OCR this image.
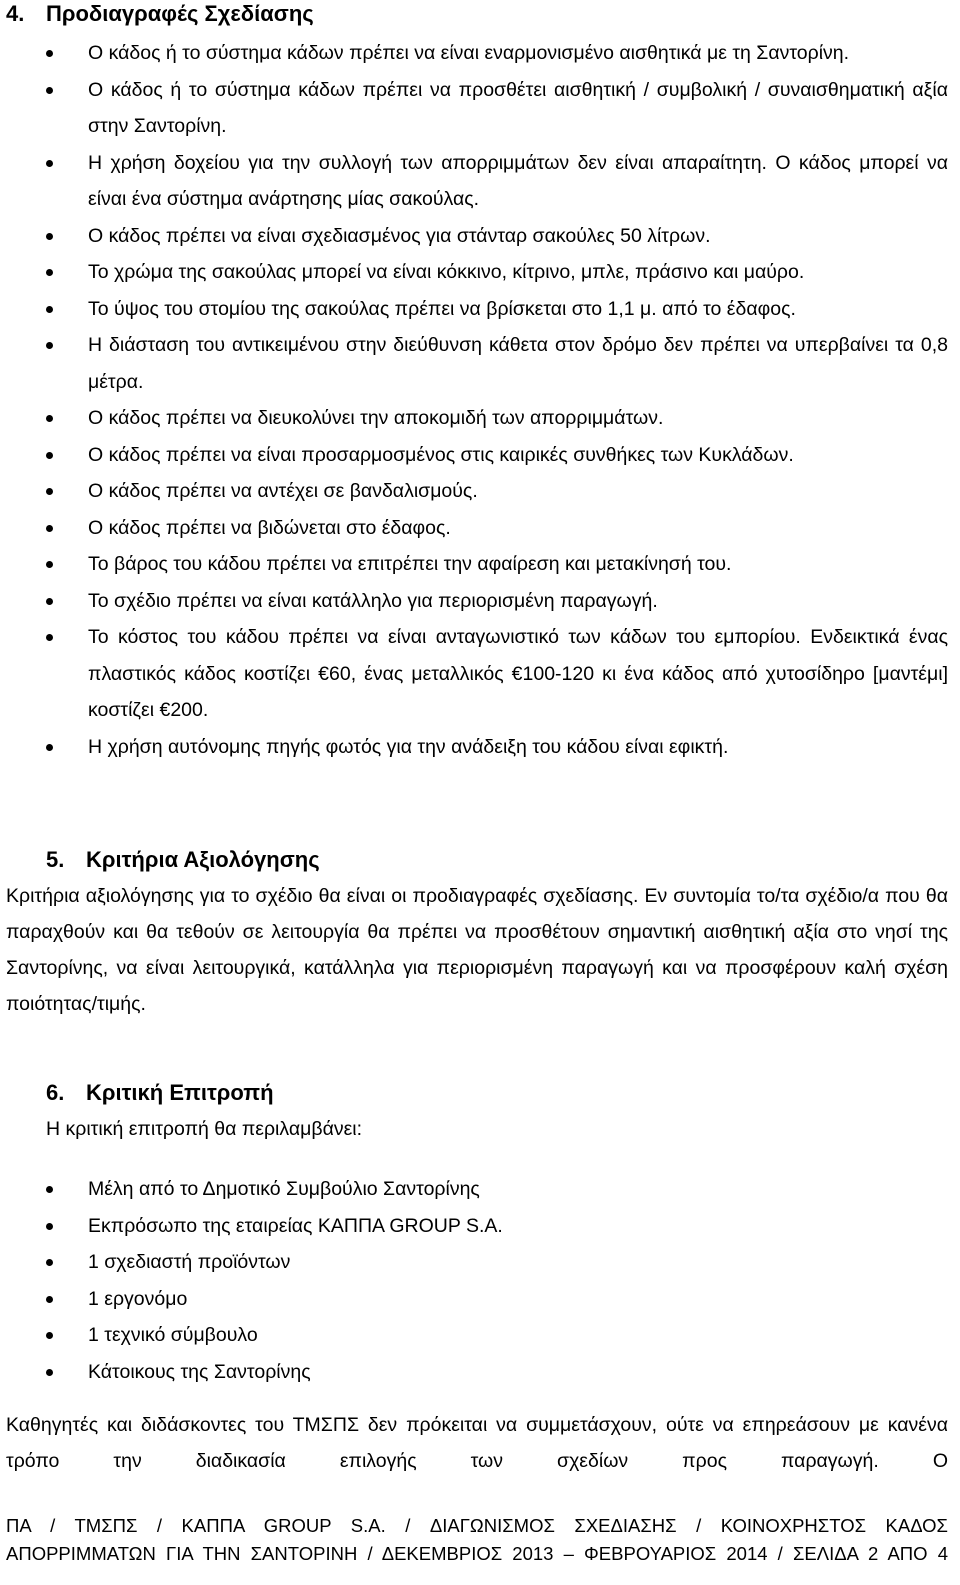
4. Προδιαγραφές Σχεδίασης
Ο κάδος ή το σύστημα κάδων πρέπει να είναι εναρμονισμένο αισθητικά με τη Σαντορίνη.
Ο κάδος ή το σύστημα κάδων πρέπει να προσθέτει αισθητική / συμβολική / συναισθηματική αξία στην Σαντορίνη.
Η χρήση δοχείου για την συλλογή των απορριμμάτων δεν είναι απαραίτητη. Ο κάδος μπορεί να είναι ένα σύστημα ανάρτησης μίας σακούλας.
Ο κάδος πρέπει να είναι σχεδιασμένος για στάνταρ σακούλες 50 λίτρων.
Το χρώμα της σακούλας μπορεί να είναι κόκκινο, κίτρινο, μπλε, πράσινο και μαύρο.
Το ύψος του στομίου της σακούλας πρέπει να βρίσκεται στο 1,1 μ. από το έδαφος.
Η διάσταση του αντικειμένου στην διεύθυνση κάθετα στον δρόμο δεν πρέπει να υπερβαίνει τα 0,8 μέτρα.
Ο κάδος πρέπει να διευκολύνει την αποκομιδή των απορριμμάτων.
Ο κάδος πρέπει να είναι προσαρμοσμένος στις καιρικές συνθήκες των Κυκλάδων.
Ο κάδος πρέπει να αντέχει σε βανδαλισμούς.
Ο κάδος πρέπει να βιδώνεται στο έδαφος.
Το βάρος του κάδου πρέπει να επιτρέπει την αφαίρεση και μετακίνησή του.
Το σχέδιο πρέπει να είναι κατάλληλο για περιορισμένη παραγωγή.
Το κόστος του κάδου πρέπει να είναι ανταγωνιστικό των κάδων του εμπορίου. Ενδεικτικά ένας πλαστικός κάδος κοστίζει €60, ένας μεταλλικός €100-120 κι ένα κάδος από χυτοσίδηρο [μαντέμι] κοστίζει €200.
Η χρήση αυτόνομης πηγής φωτός για την ανάδειξη του κάδου είναι εφικτή.
5. Κριτήρια Αξιολόγησης
Κριτήρια αξιολόγησης για το σχέδιο θα είναι οι προδιαγραφές σχεδίασης. Εν συντομία το/τα σχέδιο/α που θα παραχθούν και θα τεθούν σε λειτουργία θα πρέπει να προσθέτουν σημαντική αισθητική αξία στο νησί της Σαντορίνης, να είναι λειτουργικά, κατάλληλα για περιορισμένη παραγωγή και να προσφέρουν καλή σχέση ποιότητας/τιμής.
6. Κριτική Επιτροπή
Η κριτική επιτροπή θα περιλαμβάνει:
Μέλη από το Δημοτικό Συμβούλιο Σαντορίνης
Εκπρόσωπο της εταιρείας ΚΑΠΠΑ GROUP S.A.
1 σχεδιαστή προϊόντων
1 εργονόμο
1 τεχνικό σύμβουλο
Κάτοικους της Σαντορίνης
Καθηγητές και διδάσκοντες του ΤΜΣΠΣ δεν πρόκειται να συμμετάσχουν, ούτε να επηρεάσουν με κανένα τρόπο την διαδικασία επιλογής των σχεδίων προς παραγωγή. Ο
ΠΑ / ΤΜΣΠΣ / ΚΑΠΠΑ GROUP S.A. / ΔΙΑΓΩΝΙΣΜΟΣ ΣΧΕΔΙΑΣΗΣ / ΚΟΙΝΟΧΡΗΣΤΟΣ ΚΑΔΟΣ
ΑΠΟΡΡΙΜΜΑΤΩΝ ΓΙΑ ΤΗΝ ΣΑΝΤΟΡΙΝΗ / ΔΕΚΕΜΒΡΙΟΣ 2013 – ΦΕΒΡΟΥΑΡΙΟΣ 2014 / ΣΕΛΙΔΑ 2 ΑΠΟ 4
